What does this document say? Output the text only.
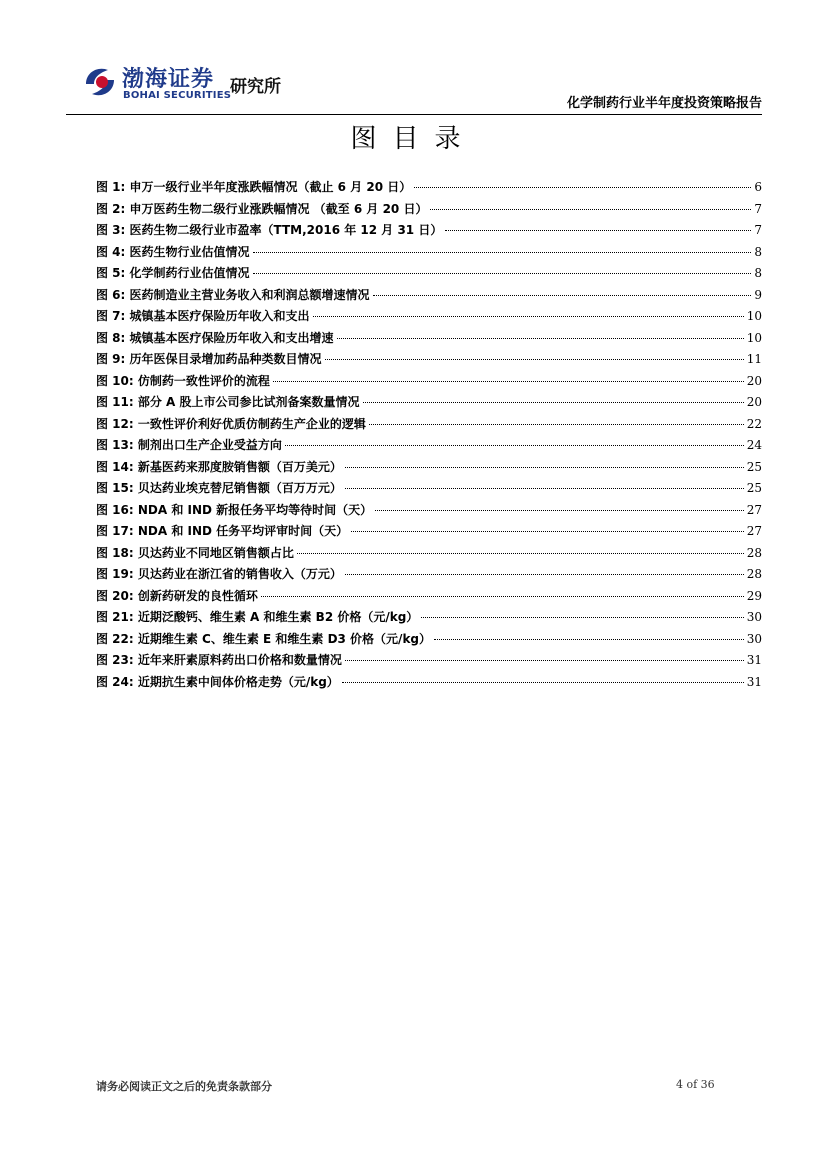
渤海证券
BOHAI SECURITIES
研究所
化学制药行业半年度投资策略报告
图目录
图 1: 申万一级行业半年度涨跌幅情况（截止 6 月 20 日）	6
图 2: 申万医药生物二级行业涨跌幅情况 （截至 6 月 20 日）	7
图 3: 医药生物二级行业市盈率（TTM,2016 年 12 月 31 日）	7
图 4: 医药生物行业估值情况	8
图 5: 化学制药行业估值情况	8
图 6: 医药制造业主营业务收入和利润总额增速情况	9
图 7: 城镇基本医疗保险历年收入和支出	10
图 8: 城镇基本医疗保险历年收入和支出增速	10
图 9: 历年医保目录增加药品种类数目情况	11
图 10: 仿制药一致性评价的流程	20
图 11: 部分 A 股上市公司参比试剂备案数量情况	20
图 12: 一致性评价利好优质仿制药生产企业的逻辑	22
图 13: 制剂出口生产企业受益方向	24
图 14: 新基医药来那度胺销售额（百万美元）	25
图 15: 贝达药业埃克替尼销售额（百万万元）	25
图 16: NDA 和 IND 新报任务平均等待时间（天）	27
图 17: NDA 和 IND 任务平均评审时间（天）	27
图 18: 贝达药业不同地区销售额占比	28
图 19: 贝达药业在浙江省的销售收入（万元）	28
图 20: 创新药研发的良性循环	29
图 21: 近期泛酸钙、维生素 A 和维生素 B2 价格（元/kg）	30
图 22: 近期维生素 C、维生素 E 和维生素 D3 价格（元/kg）	30
图 23: 近年来肝素原料药出口价格和数量情况	31
图 24: 近期抗生素中间体价格走势（元/kg）	31
请务必阅读正文之后的免责条款部分	4 of 36
